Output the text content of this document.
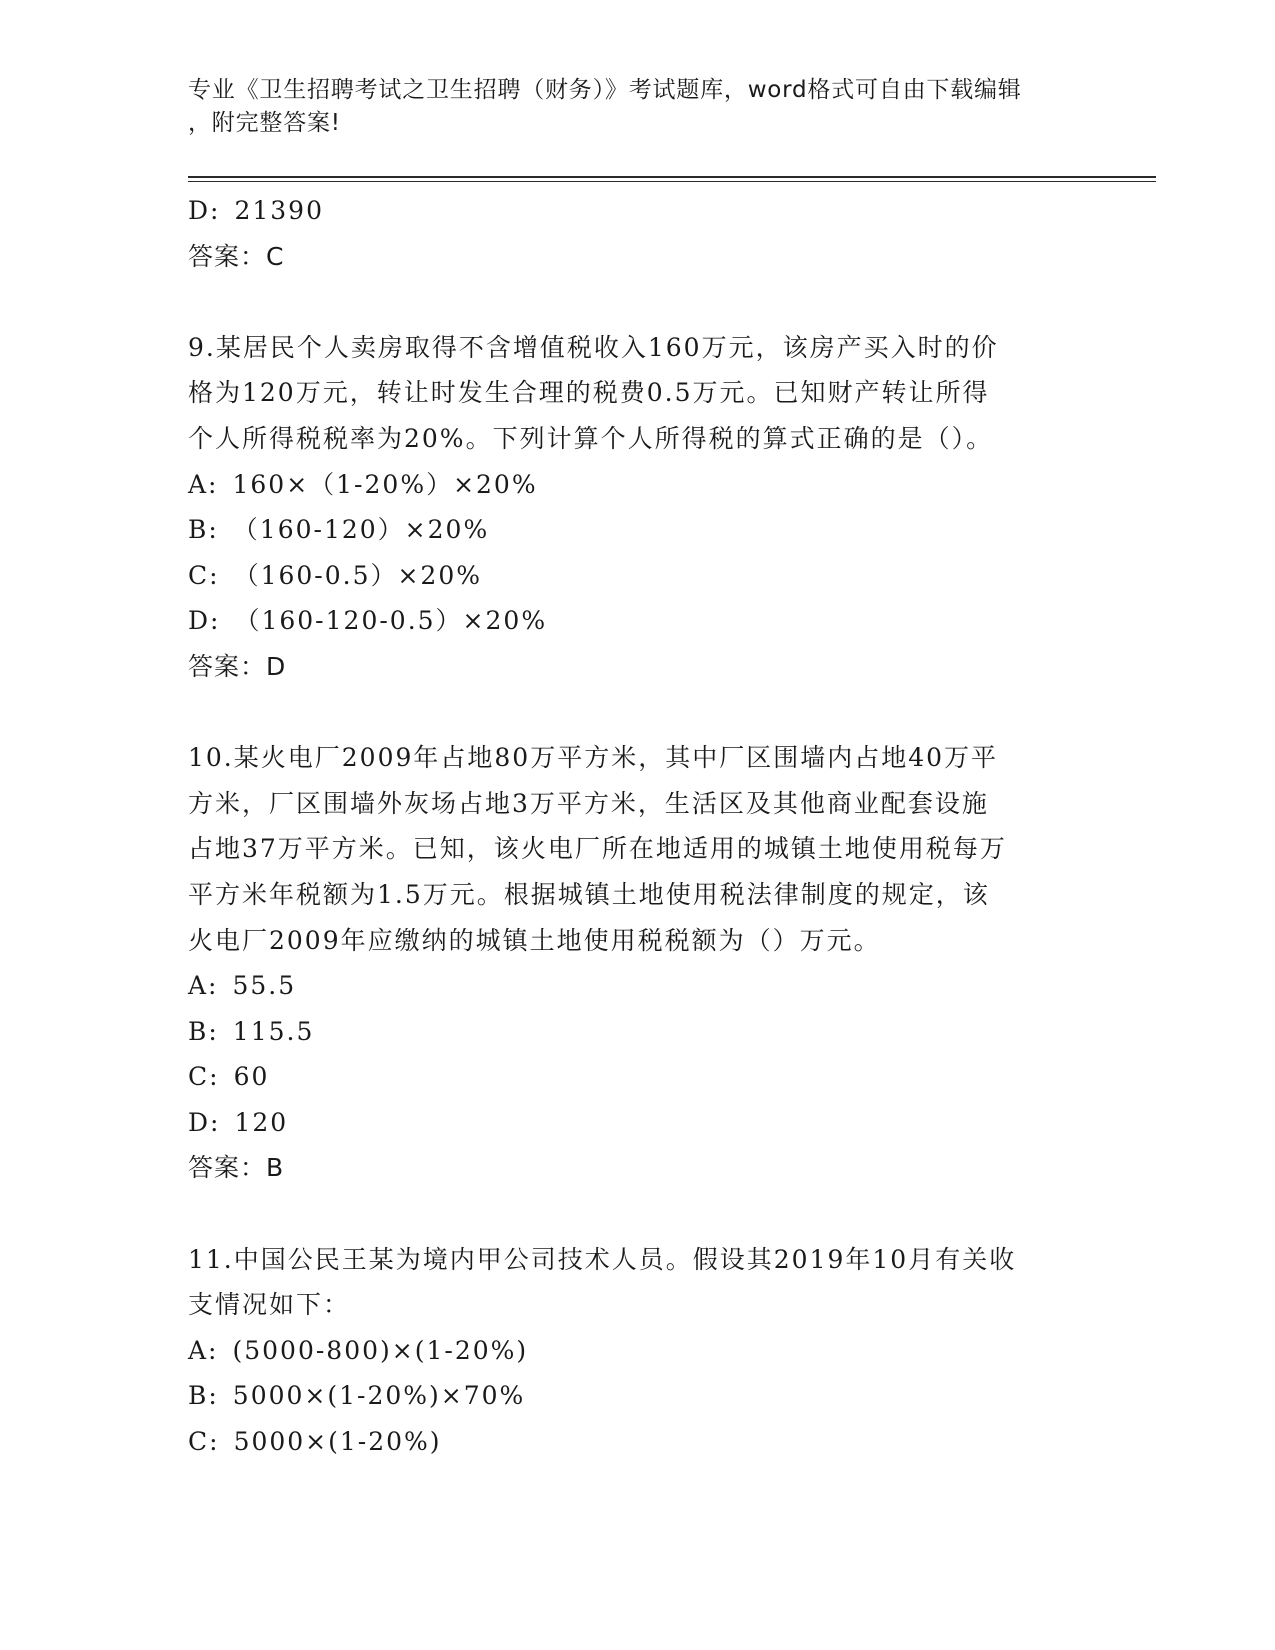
专业《卫生招聘考试之卫生招聘（财务）》考试题库，word格式可自由下载编辑
，附完整答案!
D: 21390
答案：C
9.某居民个人卖房取得不含增值税收入160万元，该房产买入时的价
格为120万元，转让时发生合理的税费0.5万元。已知财产转让所得
个人所得税税率为20%。下列计算个人所得税的算式正确的是（）。
A: 160×（1-20%）×20%
B: （160-120）×20%
C: （160-0.5）×20%
D: （160-120-0.5）×20%
答案：D
10.某火电厂2009年占地80万平方米，其中厂区围墙内占地40万平
方米，厂区围墙外灰场占地3万平方米，生活区及其他商业配套设施
占地37万平方米。已知，该火电厂所在地适用的城镇土地使用税每万
平方米年税额为1.5万元。根据城镇土地使用税法律制度的规定，该
火电厂2009年应缴纳的城镇土地使用税税额为（）万元。
A: 55.5
B: 115.5
C: 60
D: 120
答案：B
11.中国公民王某为境内甲公司技术人员。假设其2019年10月有关收
支情况如下：
A: (5000-800)×(1-20%)
B: 5000×(1-20%)×70%
C: 5000×(1-20%)
